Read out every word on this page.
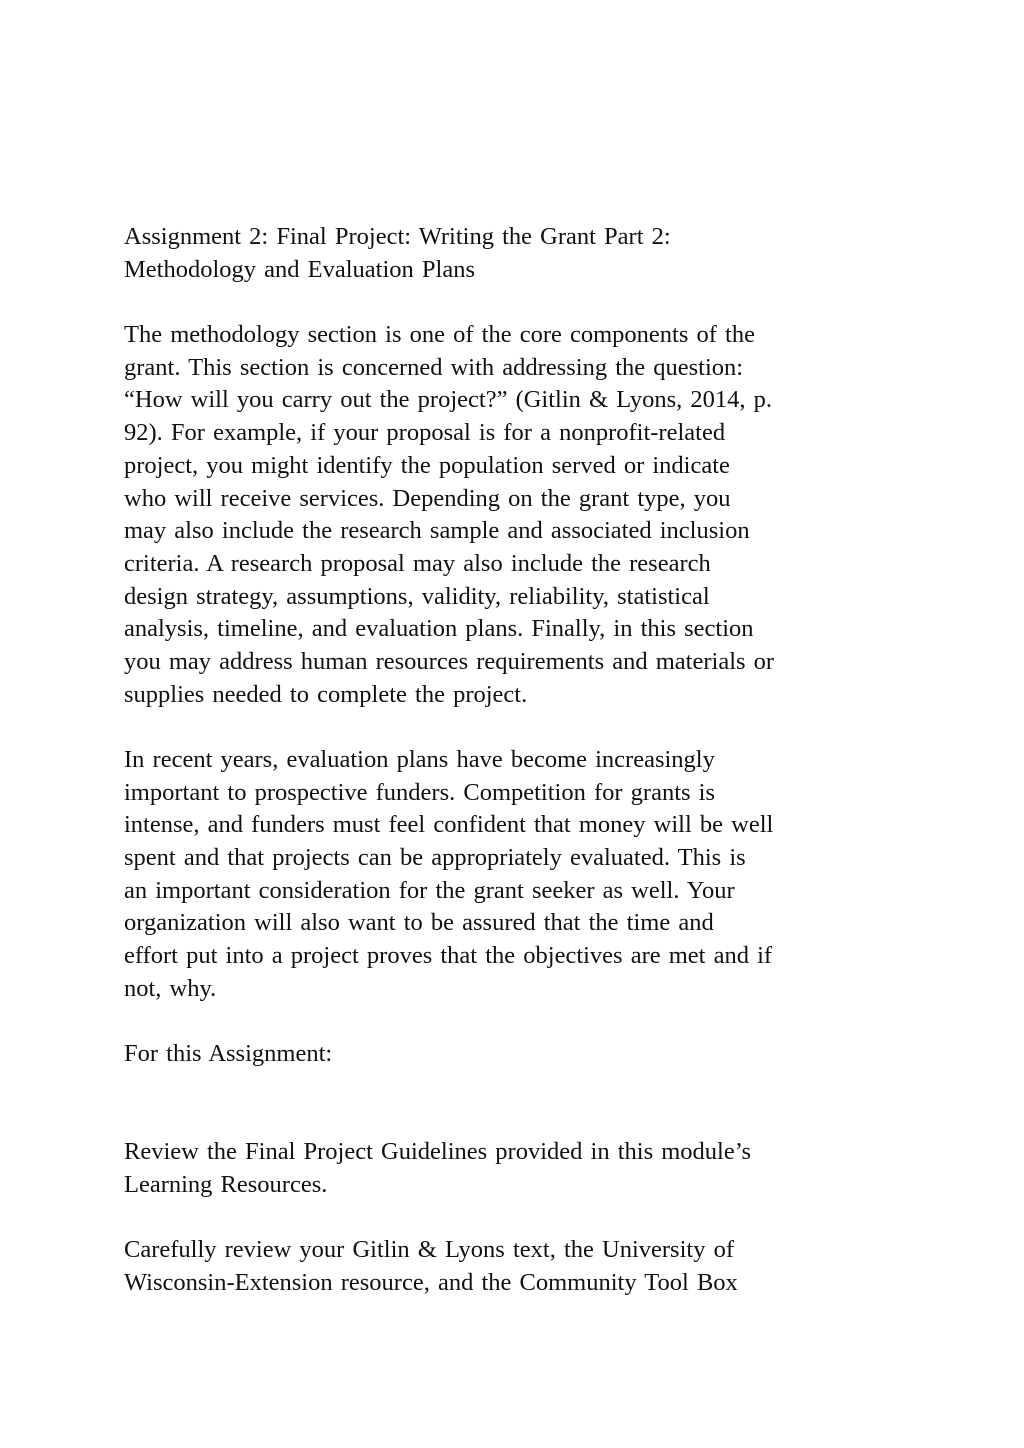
Assignment 2: Final Project: Writing the Grant Part 2:
Methodology and Evaluation Plans
The methodology section is one of the core components of the
grant. This section is concerned with addressing the question:
“How will you carry out the project?” (Gitlin & Lyons, 2014, p.
92). For example, if your proposal is for a nonprofit-related
project, you might identify the population served or indicate
who will receive services. Depending on the grant type, you
may also include the research sample and associated inclusion
criteria. A research proposal may also include the research
design strategy, assumptions, validity, reliability, statistical
analysis, timeline, and evaluation plans. Finally, in this section
you may address human resources requirements and materials or
supplies needed to complete the project.
In recent years, evaluation plans have become increasingly
important to prospective funders. Competition for grants is
intense, and funders must feel confident that money will be well
spent and that projects can be appropriately evaluated. This is
an important consideration for the grant seeker as well. Your
organization will also want to be assured that the time and
effort put into a project proves that the objectives are met and if
not, why.
For this Assignment:
Review the Final Project Guidelines provided in this module’s
Learning Resources.
Carefully review your Gitlin & Lyons text, the University of
Wisconsin-Extension resource, and the Community Tool Box
